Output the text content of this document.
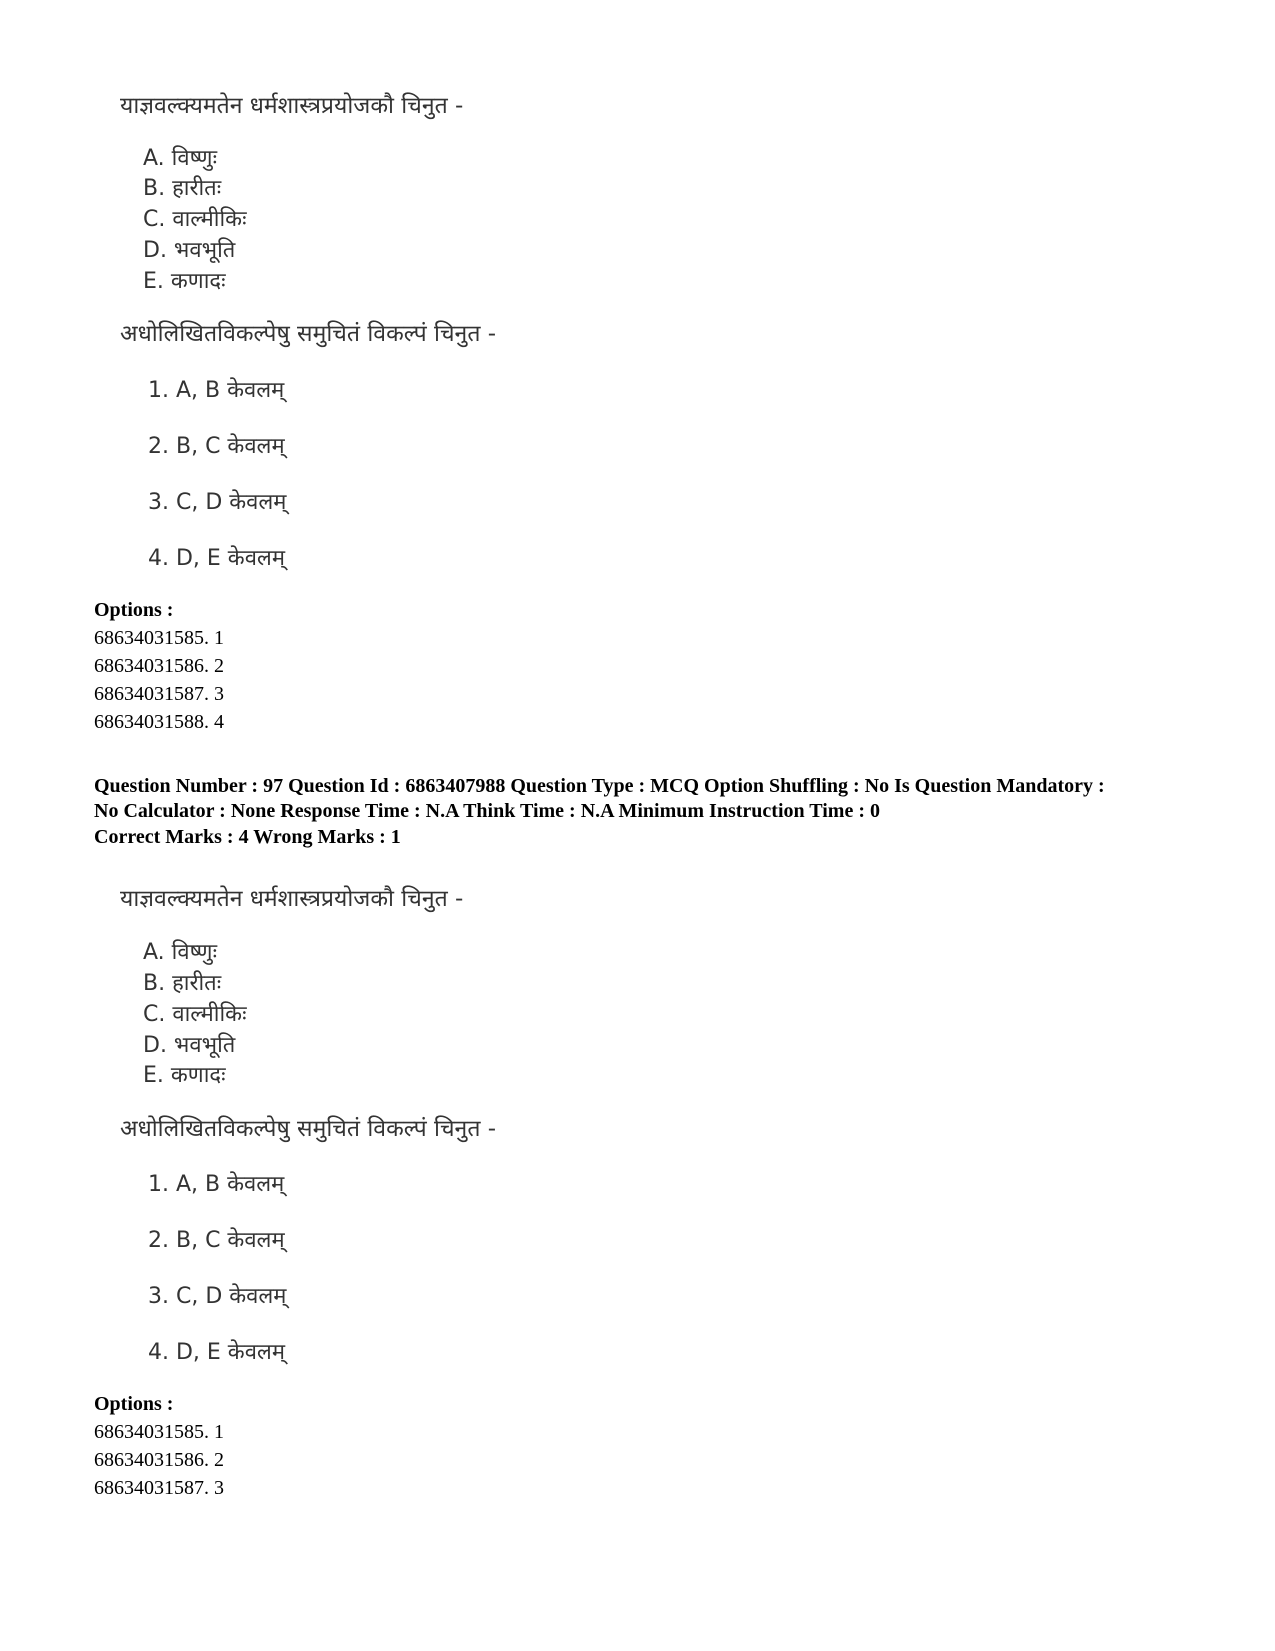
याज्ञवल्क्यमतेन धर्मशास्त्रप्रयोजकौ चिनुत -
A. विष्णुः
B. हारीतः
C. वाल्मीकिः
D. भवभूति
E. कणादः
अधोलिखितविकल्पेषु समुचितं विकल्पं चिनुत -
1. A, B केवलम्
2. B, C केवलम्
3. C, D केवलम्
4. D, E केवलम्
Options :
68634031585. 1
68634031586. 2
68634031587. 3
68634031588. 4
Question Number : 97 Question Id : 6863407988 Question Type : MCQ Option Shuffling : No Is Question Mandatory :
No Calculator : None Response Time : N.A Think Time : N.A Minimum Instruction Time : 0
Correct Marks : 4 Wrong Marks : 1
याज्ञवल्क्यमतेन धर्मशास्त्रप्रयोजकौ चिनुत -
A. विष्णुः
B. हारीतः
C. वाल्मीकिः
D. भवभूति
E. कणादः
अधोलिखितविकल्पेषु समुचितं विकल्पं चिनुत -
1. A, B केवलम्
2. B, C केवलम्
3. C, D केवलम्
4. D, E केवलम्
Options :
68634031585. 1
68634031586. 2
68634031587. 3
